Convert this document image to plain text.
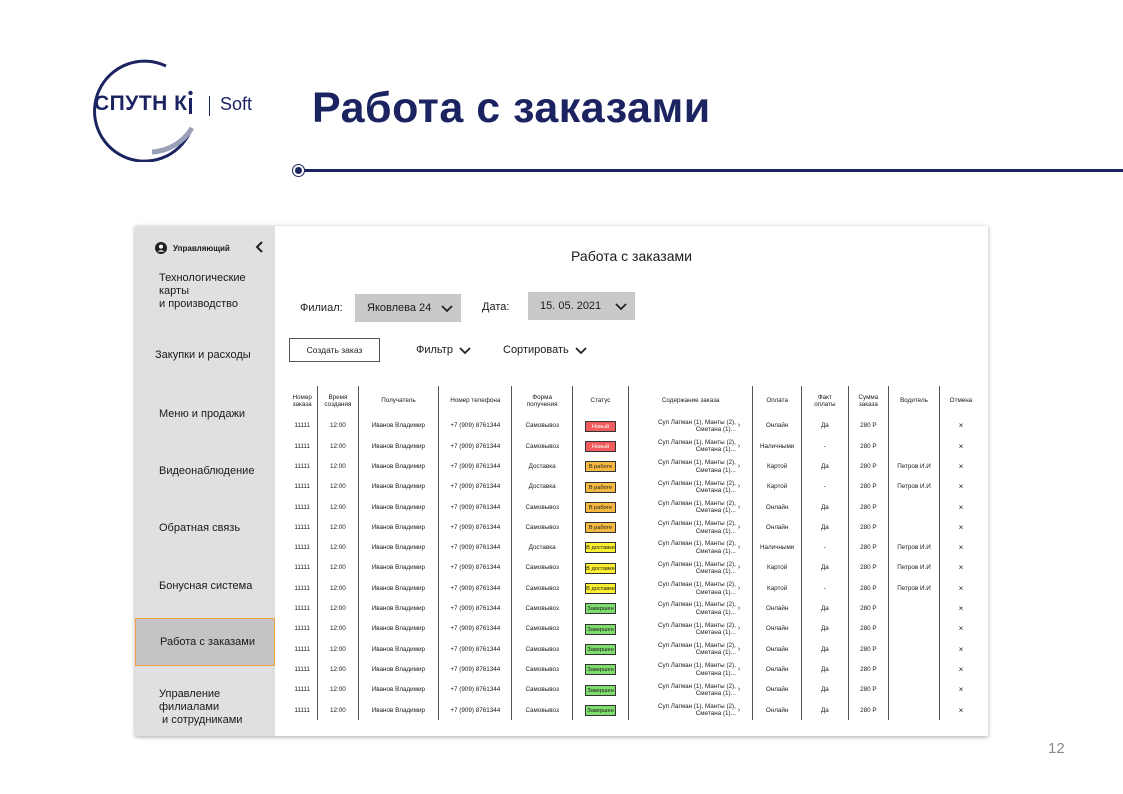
СПУТН К Soft Работа с заказами
12
Управляющий
Технологические
карты
и производство
Закупки и расходы
Меню и продажи
Видеонаблюдение
Обратная связь
Бонусная система
Работа с заказами
Управление
филиалами
и сотрудниками
Работа с заказами
Филиал: Яковлева 24	Дата:	15. 05. 2021
Создать заказ	Фильтр	Сортировать
Номер
заказа	Время
создания	Получатель	Номер телефона	Форма
получения	Статус	Содержание заказа		Оплата	Факт
оплаты	Сумма
заказа	Водитель	Отмена
11111	12:00	Иванов Владимир	+7 (909) 8761344	Самовывоз	Новый	Суп Лагман (1), Манты (2),
Сметана (1)...	›	Онлайн	Да	280 Р		×
11111	12:00	Иванов Владимир	+7 (909) 8761344	Самовывоз	Новый	Суп Лагман (1), Манты (2),
Сметана (1)...	›	Наличными	-	280 Р		×
11111	12:00	Иванов Владимир	+7 (909) 8761344	Доставка	В работе	Суп Лагман (1), Манты (2),
Сметана (1)...	›	Картой	Да	280 Р	Петров И.И	×
11111	12:00	Иванов Владимир	+7 (909) 8761344	Доставка	В работе	Суп Лагман (1), Манты (2),
Сметана (1)...	›	Картой	-	280 Р	Петров И.И	×
11111	12:00	Иванов Владимир	+7 (909) 8761344	Самовывоз	В работе	Суп Лагман (1), Манты (2),
Сметана (1)...	›	Онлайн	Да	280 Р		×
11111	12:00	Иванов Владимир	+7 (909) 8761344	Самовывоз	В работе	Суп Лагман (1), Манты (2),
Сметана (1)...	›	Онлайн	Да	280 Р		×
11111	12:00	Иванов Владимир	+7 (909) 8761344	Доставка	В доставке	Суп Лагман (1), Манты (2),
Сметана (1)...	›	Наличными	-	280 Р	Петров И.И	×
11111	12:00	Иванов Владимир	+7 (909) 8761344	Самовывоз	В доставке	Суп Лагман (1), Манты (2),
Сметана (1)...	›	Картой	Да	280 Р	Петров И.И	×
11111	12:00	Иванов Владимир	+7 (909) 8761344	Самовывоз	В доставке	Суп Лагман (1), Манты (2),
Сметана (1)...	›	Картой	-	280 Р	Петров И.И	×
11111	12:00	Иванов Владимир	+7 (909) 8761344	Самовывоз	Завершен	Суп Лагман (1), Манты (2),
Сметана (1)...	›	Онлайн	Да	280 Р		×
11111	12:00	Иванов Владимир	+7 (909) 8761344	Самовывоз	Завершен	Суп Лагман (1), Манты (2),
Сметана (1)...	›	Онлайн	Да	280 Р		×
11111	12:00	Иванов Владимир	+7 (909) 8761344	Самовывоз	Завершен	Суп Лагман (1), Манты (2),
Сметана (1)...	›	Онлайн	Да	280 Р		×
11111	12:00	Иванов Владимир	+7 (909) 8761344	Самовывоз	Завершен	Суп Лагман (1), Манты (2),
Сметана (1)...	›	Онлайн	Да	280 Р		×
11111	12:00	Иванов Владимир	+7 (909) 8761344	Самовывоз	Завершен	Суп Лагман (1), Манты (2),
Сметана (1)...	›	Онлайн	Да	280 Р		×
11111	12:00	Иванов Владимир	+7 (909) 8761344	Самовывоз	Завершен	Суп Лагман (1), Манты (2),
Сметана (1)...	›	Онлайн	Да	280 Р		×
